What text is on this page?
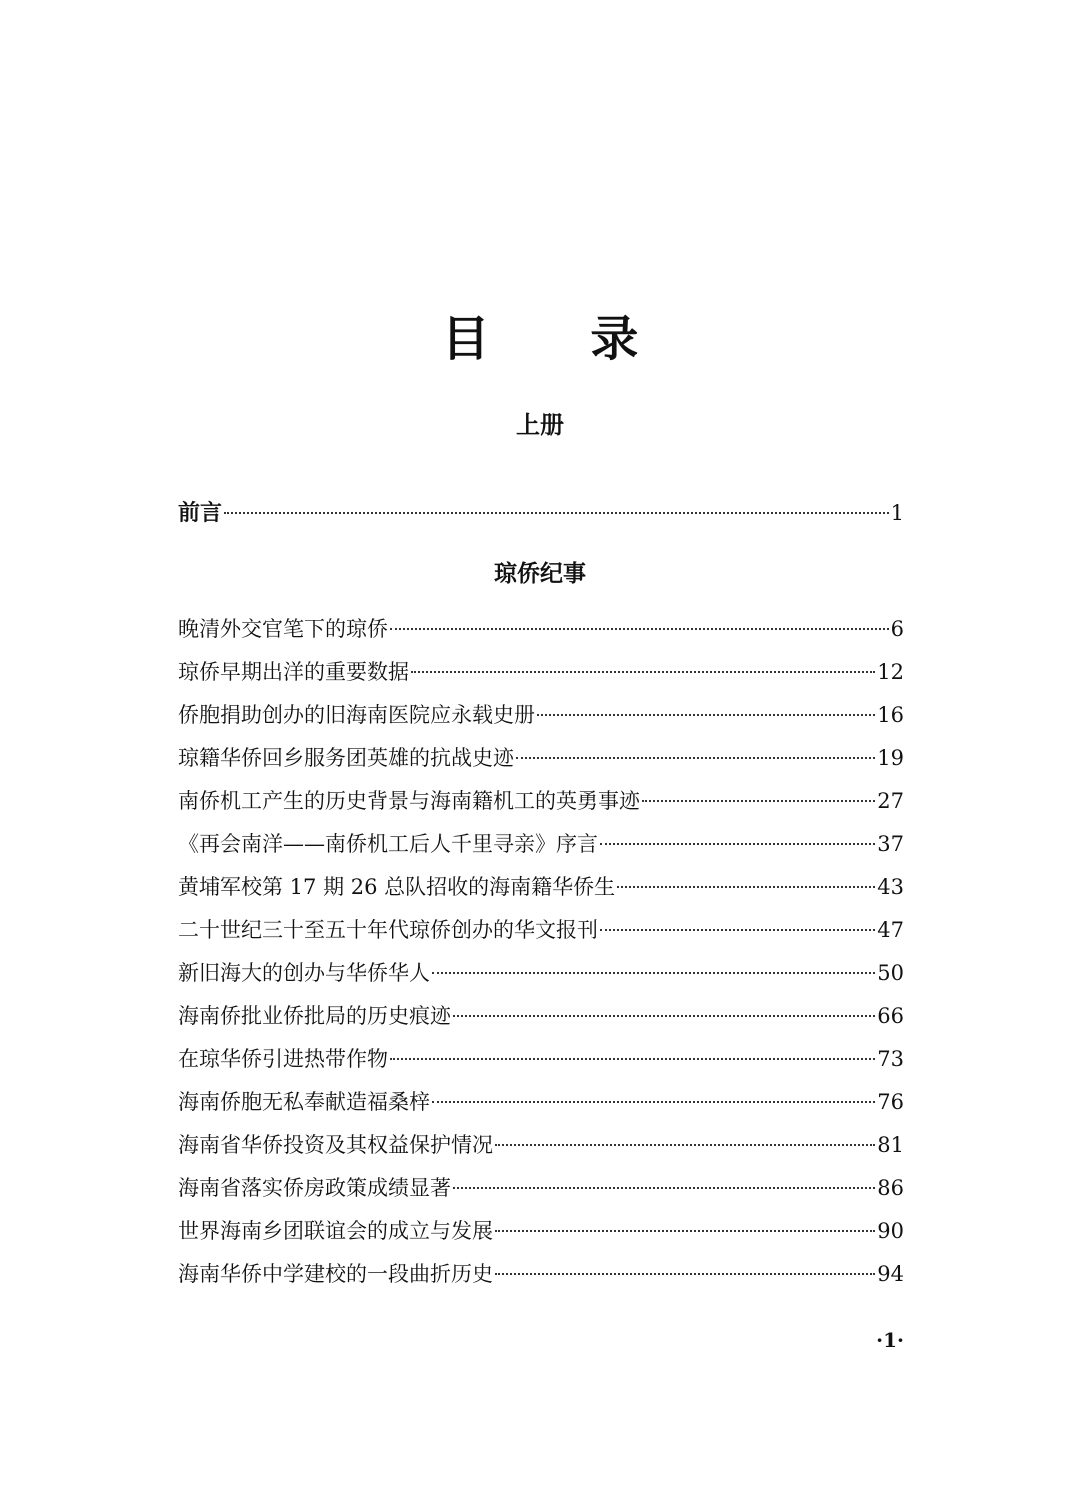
目 录
上册
前言	1
琼侨纪事
晚清外交官笔下的琼侨	6
琼侨早期出洋的重要数据	12
侨胞捐助创办的旧海南医院应永载史册	16
琼籍华侨回乡服务团英雄的抗战史迹	19
南侨机工产生的历史背景与海南籍机工的英勇事迹	27
《再会南洋——南侨机工后人千里寻亲》序言	37
黄埔军校第 17 期 26 总队招收的海南籍华侨生	43
二十世纪三十至五十年代琼侨创办的华文报刊	47
新旧海大的创办与华侨华人	50
海南侨批业侨批局的历史痕迹	66
在琼华侨引进热带作物	73
海南侨胞无私奉献造福桑梓	76
海南省华侨投资及其权益保护情况	81
海南省落实侨房政策成绩显著	86
世界海南乡团联谊会的成立与发展	90
海南华侨中学建校的一段曲折历史	94
·1·
